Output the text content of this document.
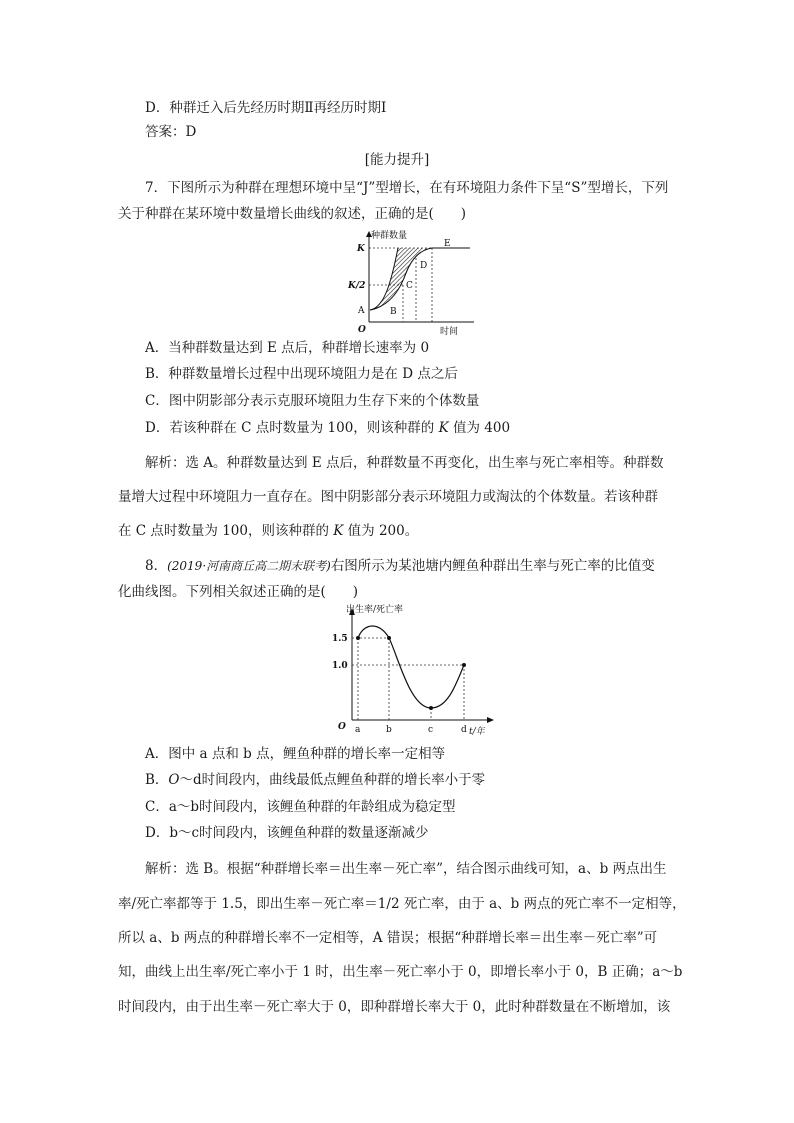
D．种群迁入后先经历时期Ⅱ再经历时期Ⅰ
答案：D
[能力提升]
7．下图所示为种群在理想环境中呈“J”型增长，在有环境阻力条件下呈“S”型增长，下列
关于种群在某环境中数量增长曲线的叙述，正确的是(　　)
种群数量
时间
O
K
K/2
A	B
C
D
E
A．当种群数量达到 E 点后，种群增长速率为 0
B．种群数量增长过程中出现环境阻力是在 D 点之后
C．图中阴影部分表示克服环境阻力生存下来的个体数量
D．若该种群在 C 点时数量为 100，则该种群的 K 值为 400
解析：选 A。种群数量达到 E 点后，种群数量不再变化，出生率与死亡率相等。种群数
量增大过程中环境阻力一直存在。图中阴影部分表示环境阻力或淘汰的个体数量。若该种群
在 C 点时数量为 100，则该种群的 K 值为 200。
8．(2019·河南商丘高二期末联考)右图所示为某池塘内鲤鱼种群出生率与死亡率的比值变
化曲线图。下列相关叙述正确的是(　　)
出生率/死亡率
t/年
O
1.5
1.0
a	b	c	d
A．图中 a 点和 b 点，鲤鱼种群的增长率一定相等
B．O～d时间段内，曲线最低点鲤鱼种群的增长率小于零
C．a～b时间段内，该鲤鱼种群的年龄组成为稳定型
D．b～c时间段内，该鲤鱼种群的数量逐渐减少
解析：选 B。根据“种群增长率＝出生率－死亡率”，结合图示曲线可知，a、b 两点出生
率/死亡率都等于 1.5，即出生率－死亡率＝1/2 死亡率，由于 a、b 两点的死亡率不一定相等，
所以 a、b 两点的种群增长率不一定相等，A 错误；根据“种群增长率＝出生率－死亡率”可
知，曲线上出生率/死亡率小于 1 时，出生率－死亡率小于 0，即增长率小于 0，B 正确；a～b
时间段内，由于出生率－死亡率大于 0，即种群增长率大于 0，此时种群数量在不断增加，该
